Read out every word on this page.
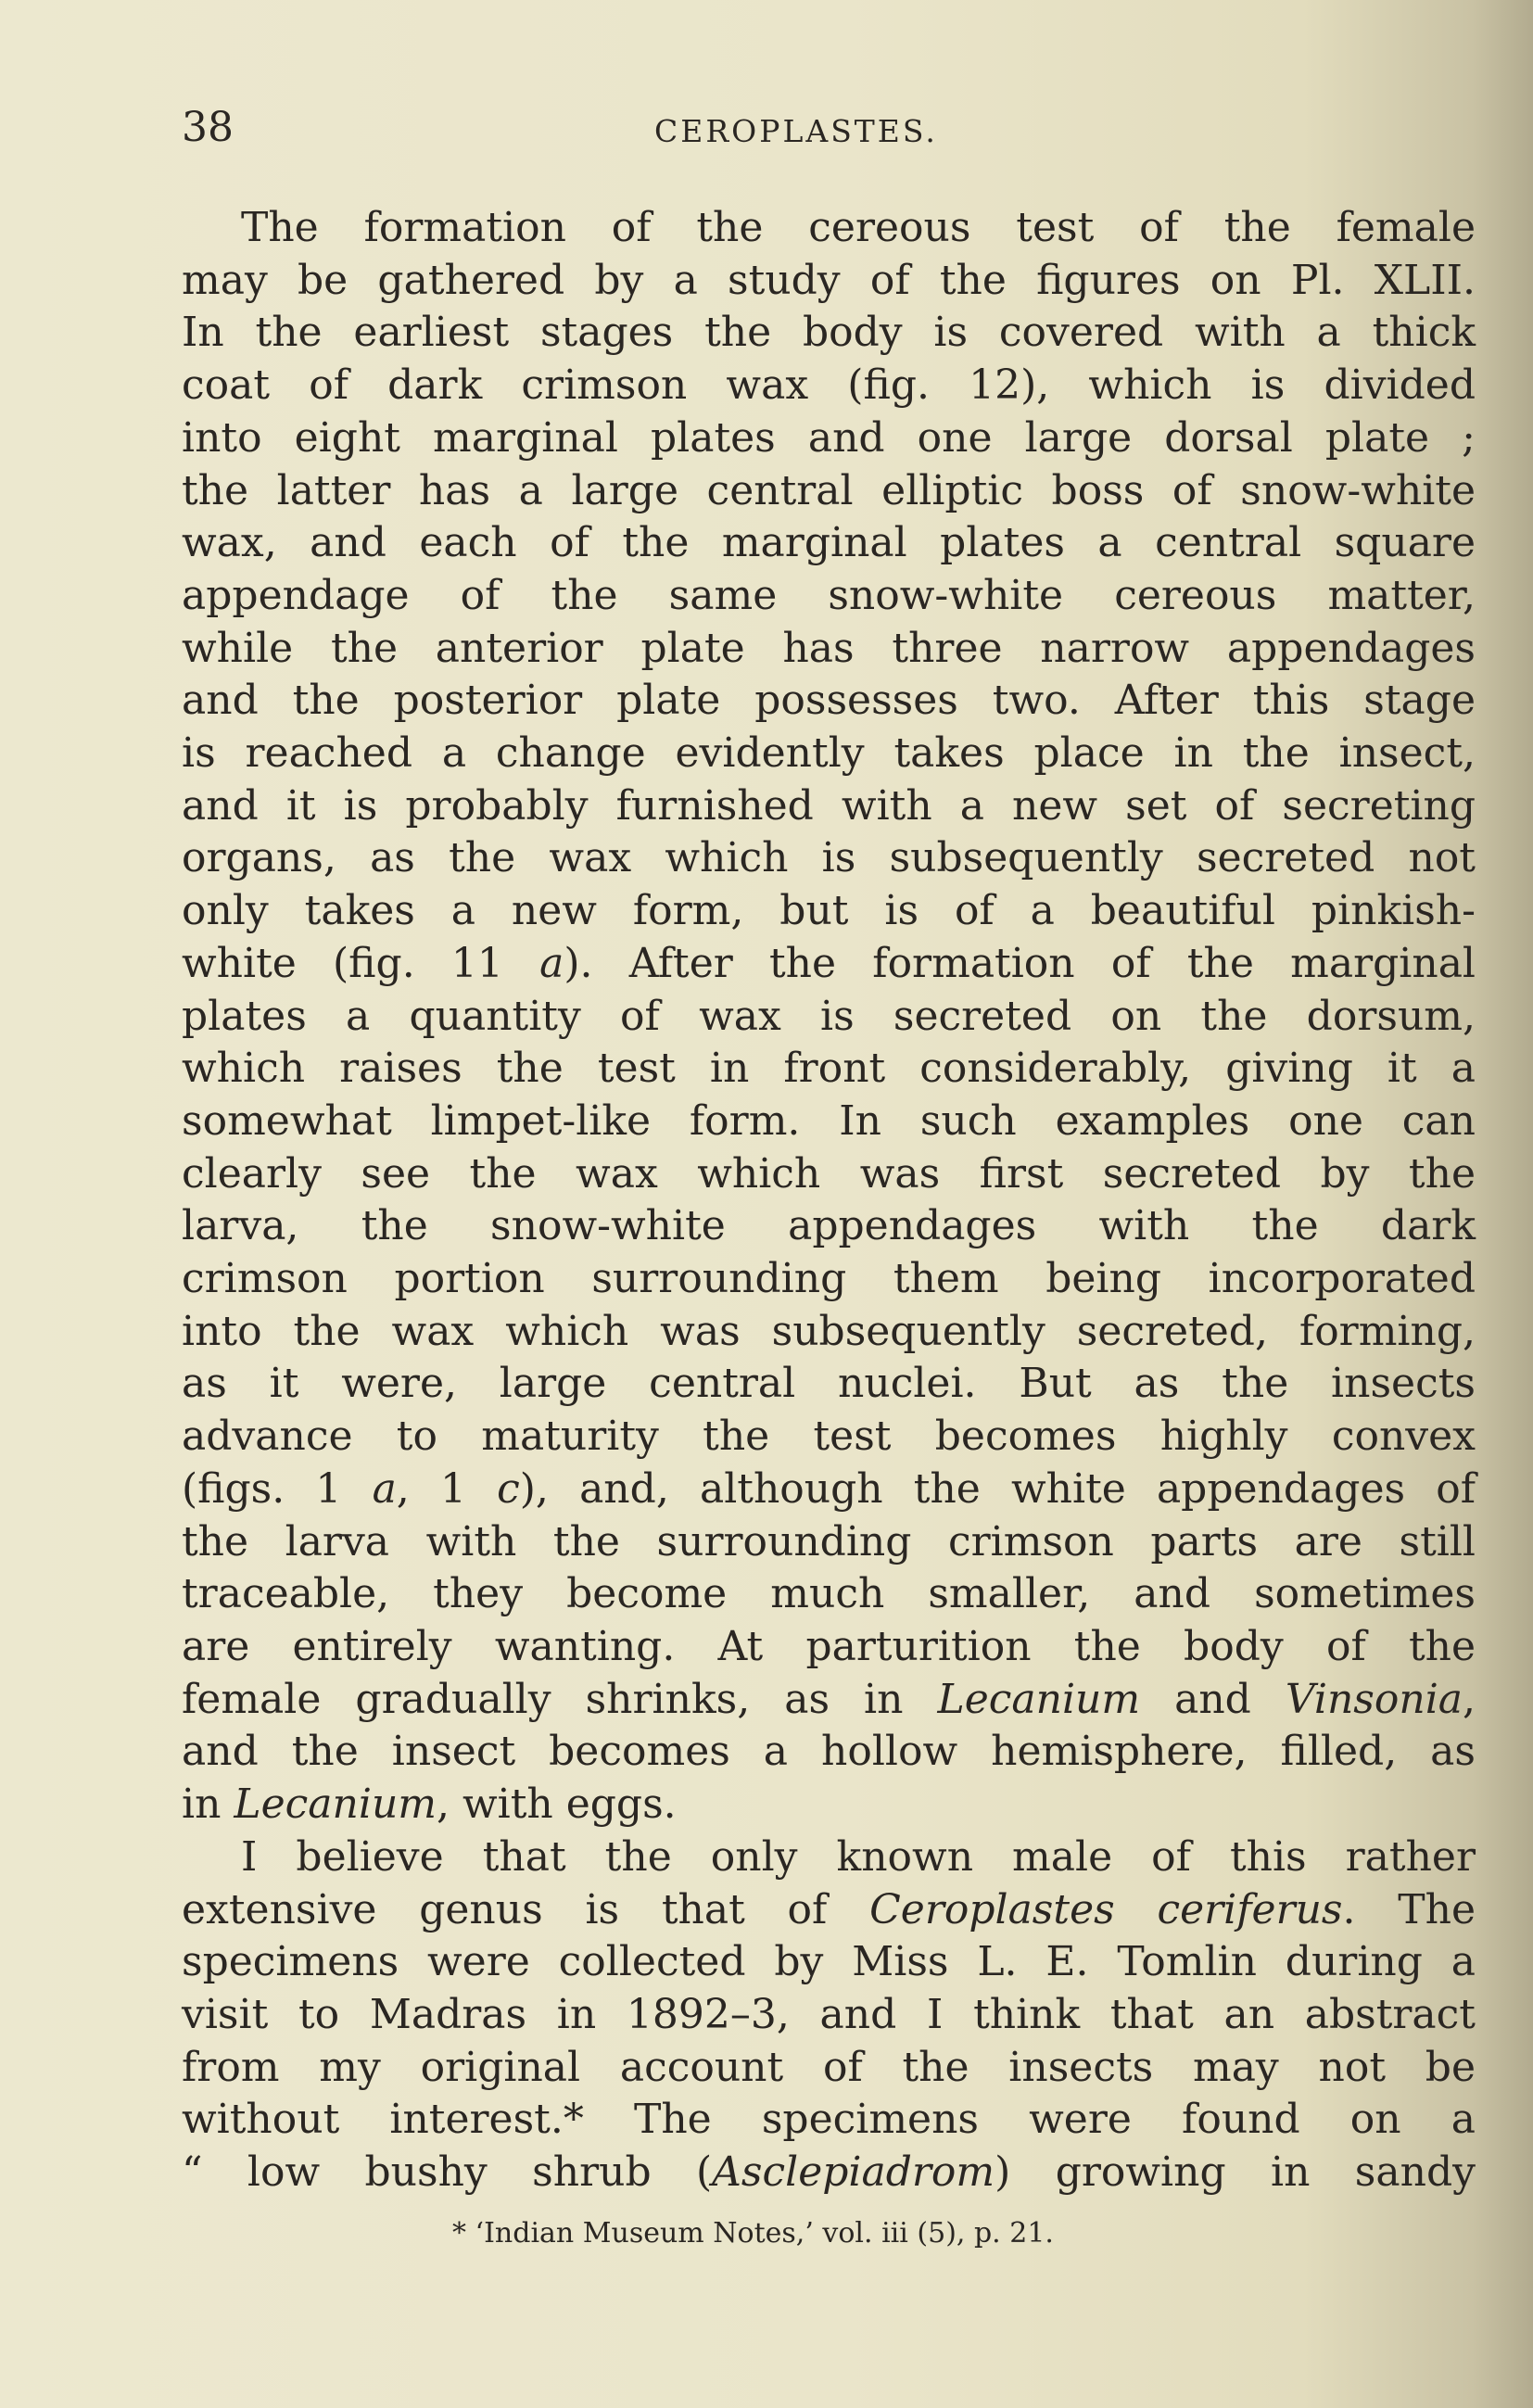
38	CEROPLASTES.
The formation of the cereous test of the female
may be gathered by a study of the figures on Pl. XLII.
In the earliest stages the body is covered with a thick
coat of dark crimson wax (fig. 12), which is divided
into eight marginal plates and one large dorsal plate ;
the latter has a large central elliptic boss of snow-white
wax, and each of the marginal plates a central square
appendage of the same snow-white cereous matter,
while the anterior plate has three narrow appendages
and the posterior plate possesses two. After this stage
is reached a change evidently takes place in the insect,
and it is probably furnished with a new set of secreting
organs, as the wax which is subsequently secreted not
only takes a new form, but is of a beautiful pinkish-
white (fig. 11 a). After the formation of the marginal
plates a quantity of wax is secreted on the dorsum,
which raises the test in front considerably, giving it a
somewhat limpet-like form. In such examples one can
clearly see the wax which was first secreted by the
larva, the snow-white appendages with the dark
crimson portion surrounding them being incorporated
into the wax which was subsequently secreted, forming,
as it were, large central nuclei. But as the insects
advance to maturity the test becomes highly convex
(figs. 1 a, 1 c), and, although the white appendages of
the larva with the surrounding crimson parts are still
traceable, they become much smaller, and sometimes
are entirely wanting. At parturition the body of the
female gradually shrinks, as in Lecanium and Vinsonia,
and the insect becomes a hollow hemisphere, filled, as
in Lecanium, with eggs.
I believe that the only known male of this rather
extensive genus is that of Ceroplastes ceriferus. The
specimens were collected by Miss L. E. Tomlin during a
visit to Madras in 1892–3, and I think that an abstract
from my original account of the insects may not be
without interest.* The specimens were found on a
“ low bushy shrub (Asclepiadrom) growing in sandy
* ‘Indian Museum Notes,’ vol. iii (5), p. 21.
